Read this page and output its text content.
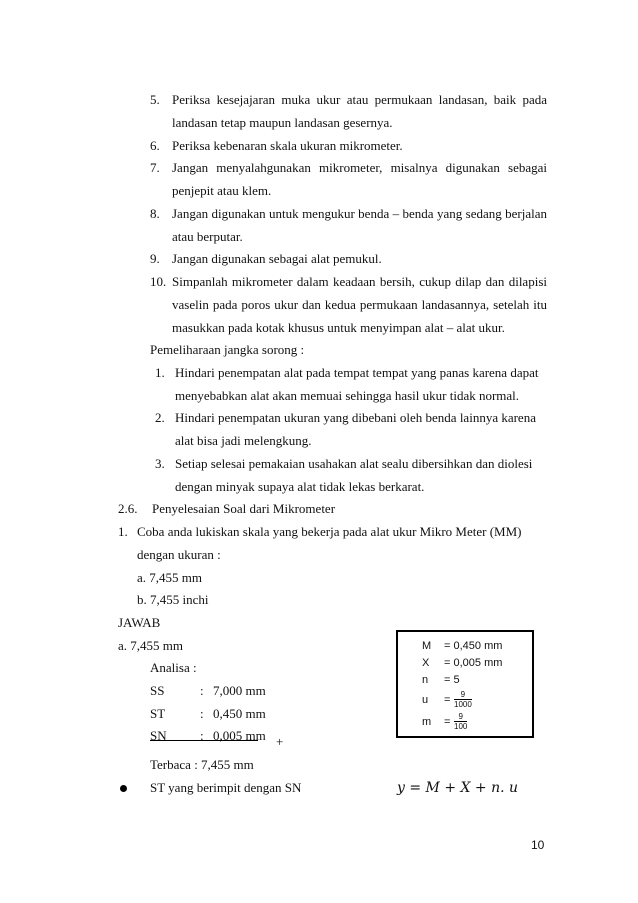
5. Periksa kesejajaran muka ukur atau permukaan landasan, baik pada
landasan tetap maupun landasan gesernya.
6. Periksa kebenaran skala ukuran mikrometer.
7. Jangan menyalahgunakan mikrometer, misalnya digunakan sebagai
penjepit atau klem.
8. Jangan digunakan untuk mengukur benda – benda yang sedang berjalan
atau berputar.
9. Jangan digunakan sebagai alat pemukul.
10. Simpanlah mikrometer dalam keadaan bersih, cukup dilap dan dilapisi
vaselin pada poros ukur dan kedua permukaan landasannya, setelah itu
masukkan pada kotak khusus untuk menyimpan alat – alat ukur.
Pemeliharaan jangka sorong :
1. Hindari penempatan alat pada tempat tempat yang panas karena dapat
menyebabkan alat akan memuai sehingga hasil ukur tidak normal.
2. Hindari penempatan ukuran yang dibebani oleh benda lainnya karena
alat bisa jadi melengkung.
3. Setiap selesai pemakaian usahakan alat sealu dibersihkan dan diolesi
dengan minyak supaya alat tidak lekas berkarat.
2.6. Penyelesaian Soal dari Mikrometer
1. Coba anda lukiskan skala yang bekerja pada alat ukur Mikro Meter (MM)
dengan ukuran :
a. 7,455 mm
b. 7,455 inchi
JAWAB
a. 7,455 mm
Analisa :
SS	: 7,000 mm
ST	: 0,450 mm
SN	: 0,005 mm +
Terbaca : 7,455 mm
ST yang berimpit dengan SN	y = M + X + n. u
M = 0,450 mm
X = 0,005 mm
n = 5
$u = \frac{9}{1000}$
$m = \frac{9}{100}$
10
